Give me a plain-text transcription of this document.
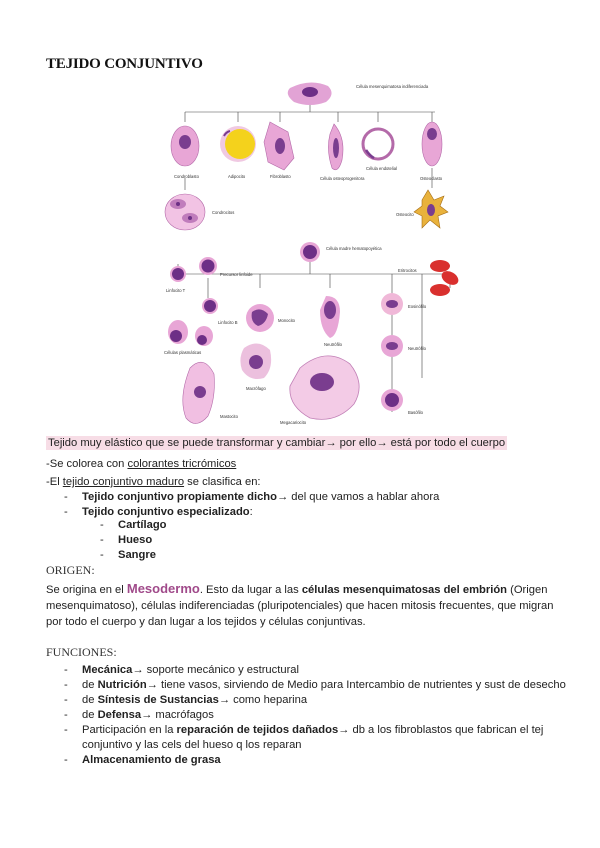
TEJIDO CONJUNTIVO
Célula mesenquimatosa indiferenciada
Condroblasto	Adipocito	Fibroblasto	Célula osteoprogenitora
Célula endotelial
Osteoclasto
Condrocitos	Osteocito
Célula madre hematopoyética
Eritrocitos
Precursor linfoide
Linfocito T
Linfocito B
Células plasmáticas
Monocito
Neutrófilo
Macrófago
Mastocito
Megacariocito
Eosinófilo
Neutrófilo
Basófilo
Tejido muy elástico que se puede transformar y cambiar→ por ello→ está por todo el cuerpo
-Se colorea con colorantes tricrómicos
-El tejido conjuntivo maduro se clasifica en:
- Tejido conjuntivo propiamente dicho→ del que vamos a hablar ahora
- Tejido conjuntivo especializado:
- Cartílago
- Hueso
- Sangre
ORIGEN:
Se origina en el Mesodermo. Esto da lugar a las células mesenquimatosas del embrión (Origen mesenquimatoso), células indiferenciadas (pluripotenciales) que hacen mitosis frecuentes, que migran por todo el cuerpo y dan lugar a los tejidos y células conjuntivas.
FUNCIONES:
- Mecánica→ soporte mecánico y estructural
- de Nutrición→ tiene vasos, sirviendo de Medio para Intercambio de nutrientes y sust de desecho
- de Síntesis de Sustancias→ como heparina
- de Defensa→ macrófagos
- Participación en la reparación de tejidos dañados→ db a los fibroblastos que fabrican el tej
conjuntivo y las cels del hueso q los reparan
- Almacenamiento de grasa
